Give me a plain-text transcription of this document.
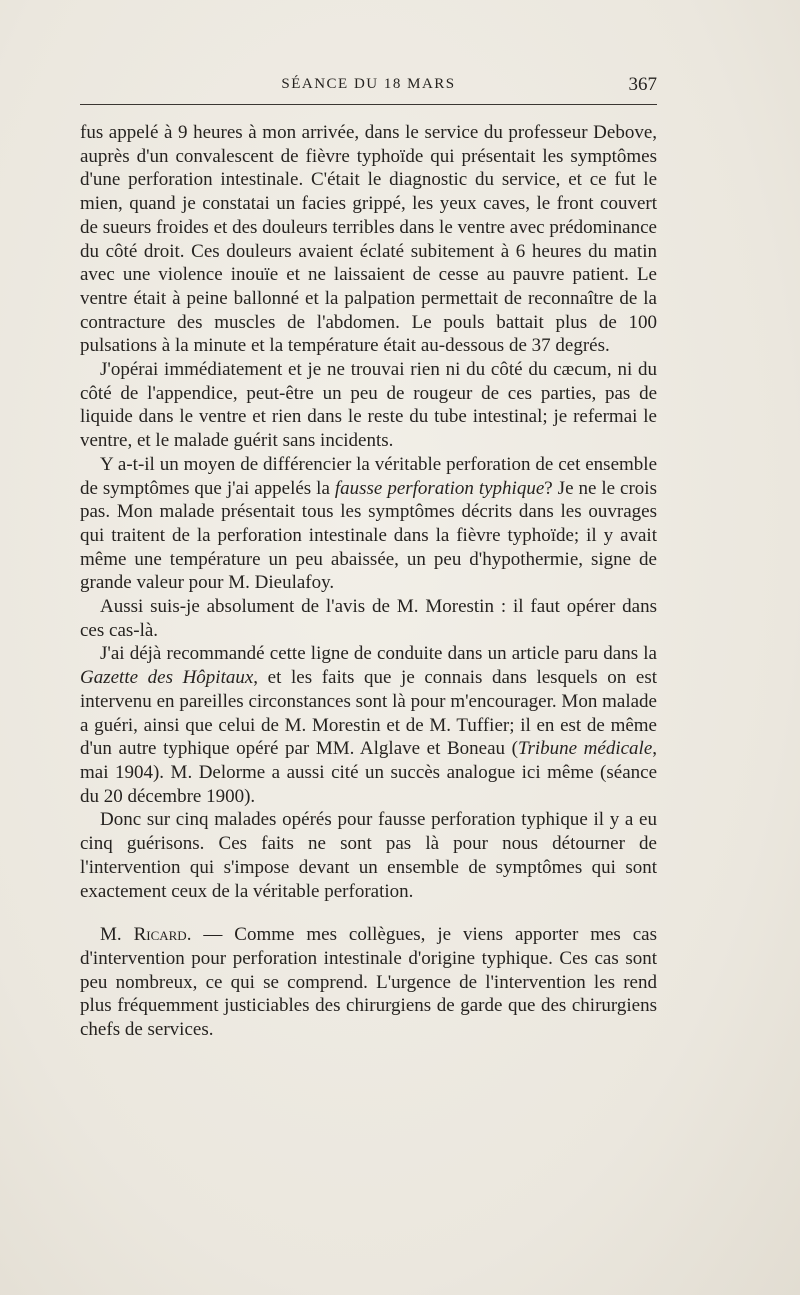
SÉANCE DU 18 MARS	367

fus appelé à 9 heures à mon arrivée, dans le service du professeur Debove, auprès d'un convalescent de fièvre typhoïde qui présentait les symptômes d'une perforation intestinale. C'était le diagnostic du service, et ce fut le mien, quand je constatai un facies grippé, les yeux caves, le front couvert de sueurs froides et des douleurs terribles dans le ventre avec prédominance du côté droit. Ces douleurs avaient éclaté subitement à 6 heures du matin avec une violence inouïe et ne laissaient de cesse au pauvre patient. Le ventre était à peine ballonné et la palpation permettait de reconnaître de la contracture des muscles de l'abdomen. Le pouls battait plus de 100 pulsations à la minute et la température était au-dessous de 37 degrés.

J'opérai immédiatement et je ne trouvai rien ni du côté du cæcum, ni du côté de l'appendice, peut-être un peu de rougeur de ces parties, pas de liquide dans le ventre et rien dans le reste du tube intestinal; je refermai le ventre, et le malade guérit sans incidents.

Y a-t-il un moyen de différencier la véritable perforation de cet ensemble de symptômes que j'ai appelés la fausse perforation typhique? Je ne le crois pas. Mon malade présentait tous les symptômes décrits dans les ouvrages qui traitent de la perforation intestinale dans la fièvre typhoïde; il y avait même une température un peu abaissée, un peu d'hypothermie, signe de grande valeur pour M. Dieulafoy.

Aussi suis-je absolument de l'avis de M. Morestin : il faut opérer dans ces cas-là.

J'ai déjà recommandé cette ligne de conduite dans un article paru dans la Gazette des Hôpitaux, et les faits que je connais dans lesquels on est intervenu en pareilles circonstances sont là pour m'encourager. Mon malade a guéri, ainsi que celui de M. Morestin et de M. Tuffier; il en est de même d'un autre typhique opéré par MM. Alglave et Boneau (Tribune médicale, mai 1904). M. Delorme a aussi cité un succès analogue ici même (séance du 20 décembre 1900).

Donc sur cinq malades opérés pour fausse perforation typhique il y a eu cinq guérisons. Ces faits ne sont pas là pour nous détourner de l'intervention qui s'impose devant un ensemble de symptômes qui sont exactement ceux de la véritable perforation.

M. Ricard. — Comme mes collègues, je viens apporter mes cas d'intervention pour perforation intestinale d'origine typhique. Ces cas sont peu nombreux, ce qui se comprend. L'urgence de l'intervention les rend plus fréquemment justiciables des chirurgiens de garde que des chirurgiens chefs de services.
